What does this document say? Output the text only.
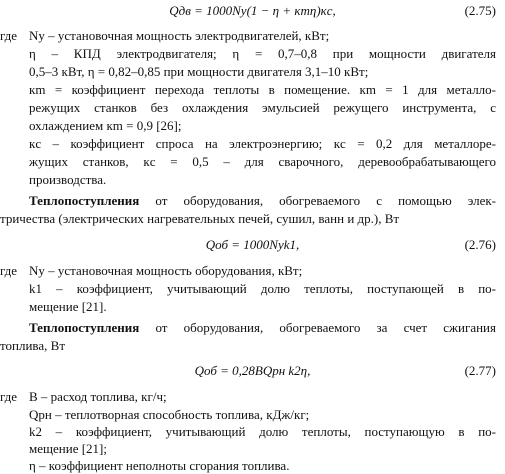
Qдв = 1000Nу(1 − η + кmη)кc,	(2.75)
где Nу – установочная мощность электродвигателей, кВт;
η – КПД электродвигателя; η = 0,7–0,8 при мощности двигателя
0,5–3 кВт, η = 0,82–0,85 при мощности двигателя 3,1–10 кВт;
кm = коэффициент перехода теплоты в помещение. кm = 1 для металло-
режущих станков без охлаждения эмульсией режущего инструмента, с
охлаждением кm = 0,9 [26];
кc – коэффициент спроса на электроэнергию; кc = 0,2 для металлоре-
жущих станков, кc = 0,5 – для сварочного, деревообрабатывающего
производства.
Теплопоступления от оборудования, обогреваемого с помощью элек-
тричества (электрических нагревательных печей, сушил, ванн и др.), Вт
Qоб = 1000Nуk1,	(2.76)
где Nу – установочная мощность оборудования, кВт;
k1 – коэффициент, учитывающий долю теплоты, поступающей в по-
мещение [21].
Теплопоступления от оборудования, обогреваемого за счет сжигания
топлива, Вт
Qоб = 0,28BQрн k2η,	(2.77)
где B – расход топлива, кг/ч;
Qрн – теплотворная способность топлива, кДж/кг;
k2 – коэффициент, учитывающий долю теплоты, поступающую в по-
мещение [21];
η – коэффициент неполноты сгорания топлива.
